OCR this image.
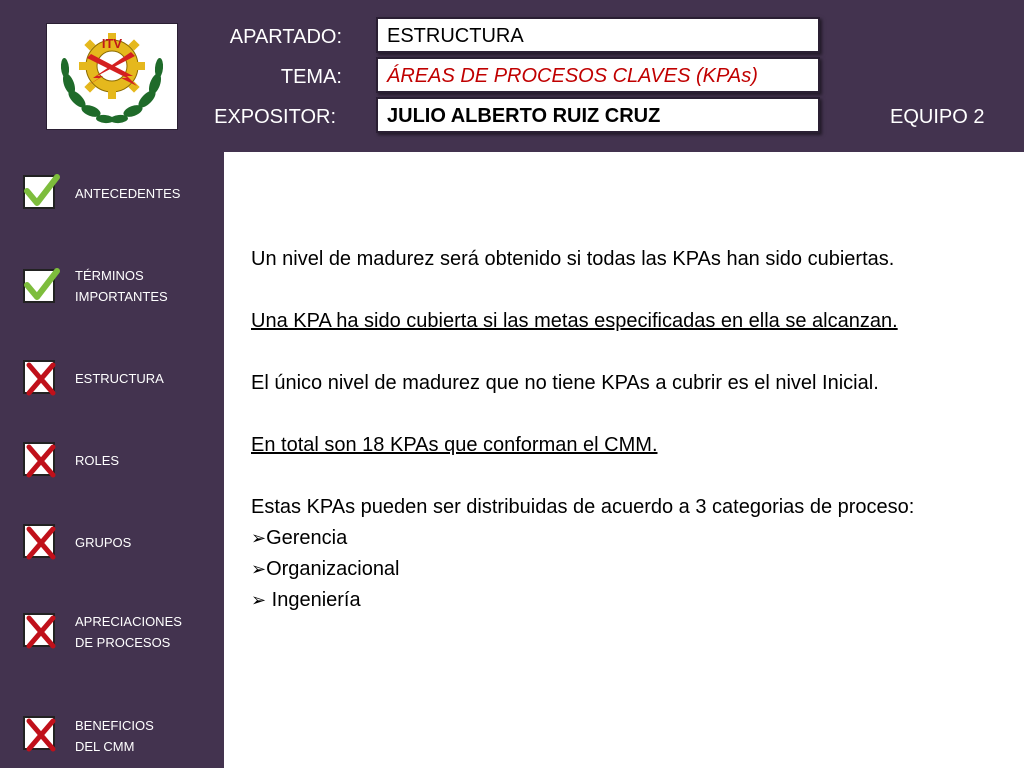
ITV	APARTADO:	ESTRUCTURA
TEMA:	ÁREAS DE PROCESOS CLAVES (KPAs)
EXPOSITOR:	JULIO ALBERTO RUIZ CRUZ	EQUIPO 2
ANTECEDENTES
TÉRMINOS
IMPORTANTES
ESTRUCTURA
ROLES
GRUPOS
APRECIACIONES
DE PROCESOS
BENEFICIOS
DEL CMM

Un nivel de madurez será obtenido si todas las KPAs han sido cubiertas.

Una KPA ha sido cubierta si las metas especificadas en ella se alcanzan.

El único nivel de madurez que no tiene KPAs a cubrir es el nivel Inicial.

En total son 18 KPAs que conforman el CMM.

Estas KPAs pueden ser distribuidas de acuerdo a 3 categorias de proceso:

➢Gerencia
➢Organizacional
➢ Ingeniería
